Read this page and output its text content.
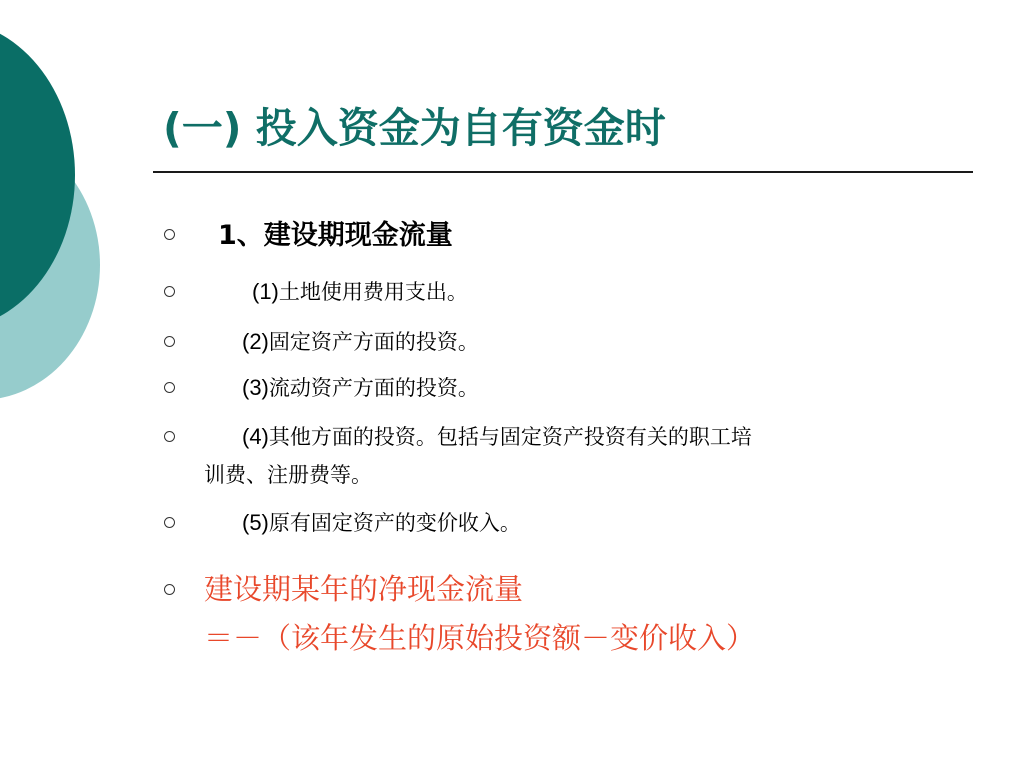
(一) 投入资金为自有资金时
1、建设期现金流量
(1)土地使用费用支出。
(2)固定资产方面的投资。
(3)流动资产方面的投资。
(4)其他方面的投资。包括与固定资产投资有关的职工培
训费、注册费等。
(5)原有固定资产的变价收入。
建设期某年的净现金流量
＝－（该年发生的原始投资额－变价收入）
